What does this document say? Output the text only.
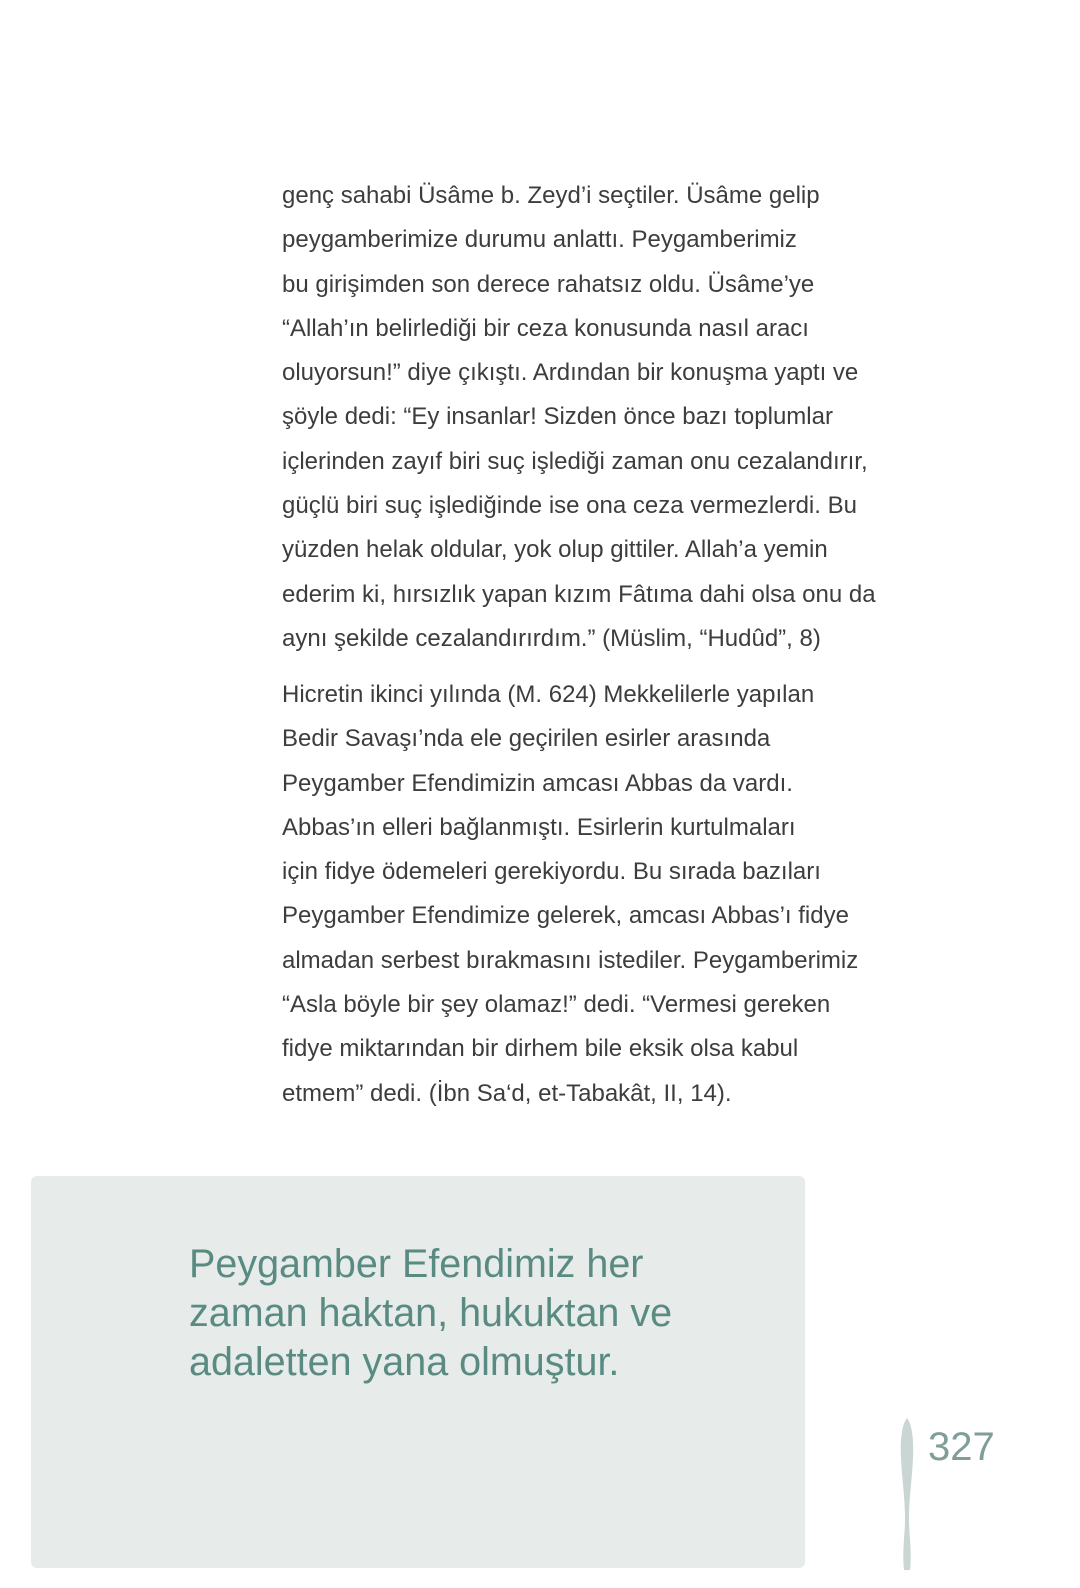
genç sahabi Üsâme b. Zeyd’i seçtiler. Üsâme gelip
peygamberimize durumu anlattı. Peygamberimiz
bu girişimden son derece rahatsız oldu. Üsâme’ye
“Allah’ın belirlediği bir ceza konusunda nasıl aracı
oluyorsun!” diye çıkıştı. Ardından bir konuşma yaptı ve
şöyle dedi: “Ey insanlar! Sizden önce bazı toplumlar
içlerinden zayıf biri suç işlediği zaman onu cezalandırır,
güçlü biri suç işlediğinde ise ona ceza vermezlerdi. Bu
yüzden helak oldular, yok olup gittiler. Allah’a yemin
ederim ki, hırsızlık yapan kızım Fâtıma dahi olsa onu da
aynı şekilde cezalandırırdım.” (Müslim, “Hudûd”, 8)
Hicretin ikinci yılında (M. 624) Mekkelilerle yapılan
Bedir Savaşı’nda ele geçirilen esirler arasında
Peygamber Efendimizin amcası Abbas da vardı.
Abbas’ın elleri bağlanmıştı. Esirlerin kurtulmaları
için fidye ödemeleri gerekiyordu. Bu sırada bazıları
Peygamber Efendimize gelerek, amcası Abbas’ı fidye
almadan serbest bırakmasını istediler. Peygamberimiz
“Asla böyle bir şey olamaz!” dedi. “Vermesi gereken
fidye miktarından bir dirhem bile eksik olsa kabul
etmem” dedi. (İbn Sa‘d, et-Tabakât, II, 14).
Peygamber Efendimiz her
zaman haktan, hukuktan ve
adaletten yana olmuştur.
327
